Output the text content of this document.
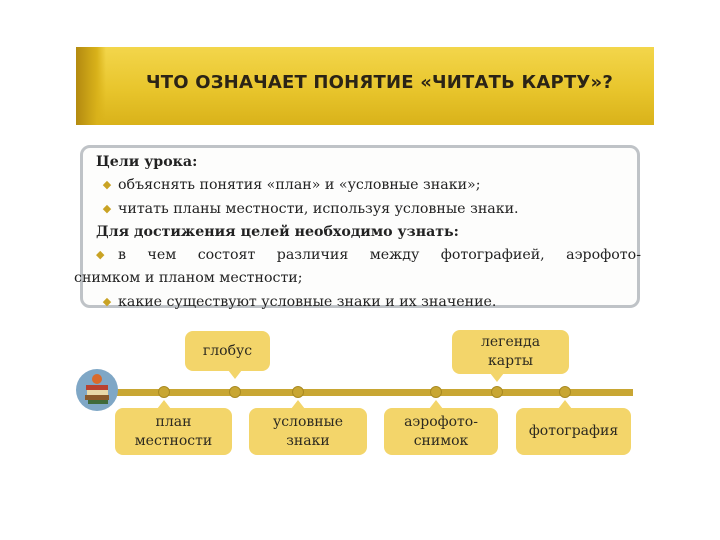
ЧТО ОЗНАЧАЕТ ПОНЯТИЕ «ЧИТАТЬ КАРТУ»?
Цели урока:
◆ объяснять понятия «план» и «условные знаки»;
◆ читать планы местности, используя условные знаки.
Для достижения целей необходимо узнать:
◆ в чем состоят различия между фотографией, аэрофото-
снимком и планом местности;
◆ какие существуют условные знаки и их значение.
глобус
легенда
карты
план
местности
условные
знаки
аэрофото-
снимок
фотография
